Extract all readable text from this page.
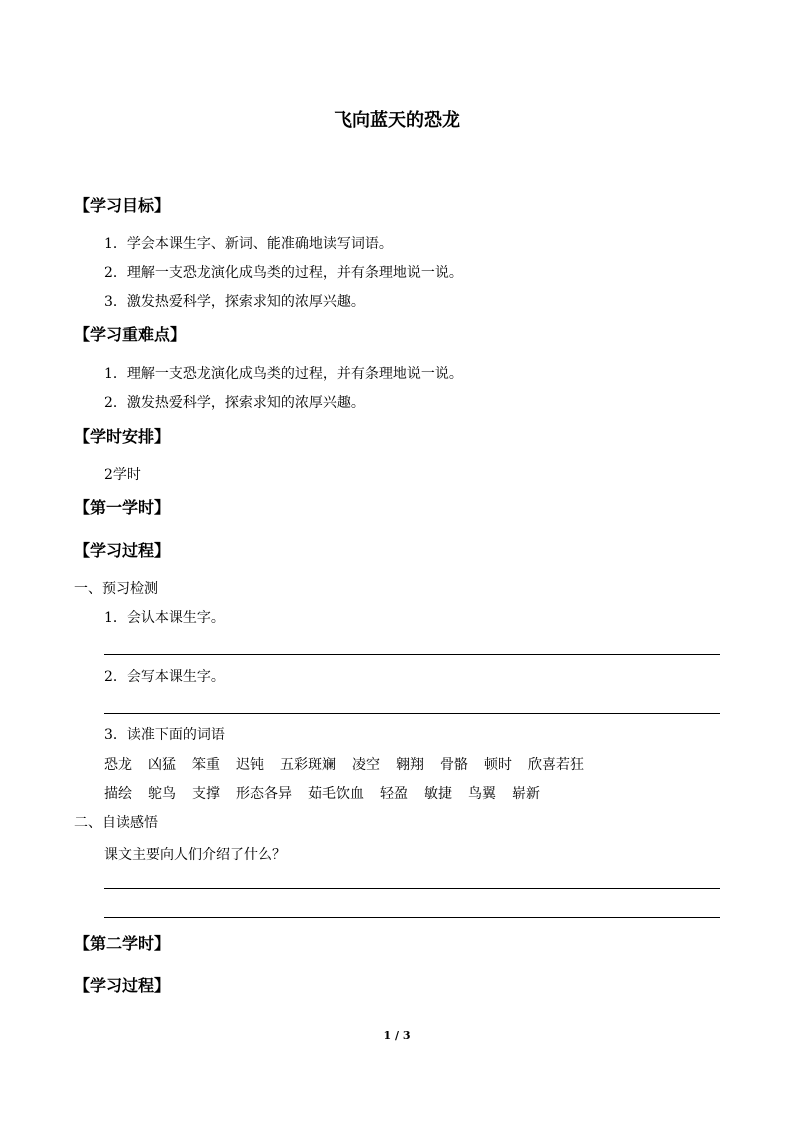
飞向蓝天的恐龙
【学习目标】
1．学会本课生字、新词、能准确地读写词语。
2．理解一支恐龙演化成鸟类的过程，并有条理地说一说。
3．激发热爱科学，探索求知的浓厚兴趣。
【学习重难点】
1．理解一支恐龙演化成鸟类的过程，并有条理地说一说。
2．激发热爱科学，探索求知的浓厚兴趣。
【学时安排】
2学时
【第一学时】
【学习过程】
一、预习检测
1．会认本课生字。
2．会写本课生字。
3．读准下面的词语
恐龙 凶猛 笨重 迟钝 五彩斑斓 凌空 翱翔 骨骼 顿时 欣喜若狂
描绘 鸵鸟 支撑 形态各异 茹毛饮血 轻盈 敏捷 鸟翼 崭新
二、自读感悟
课文主要向人们介绍了什么？
【第二学时】
【学习过程】
1 / 3
